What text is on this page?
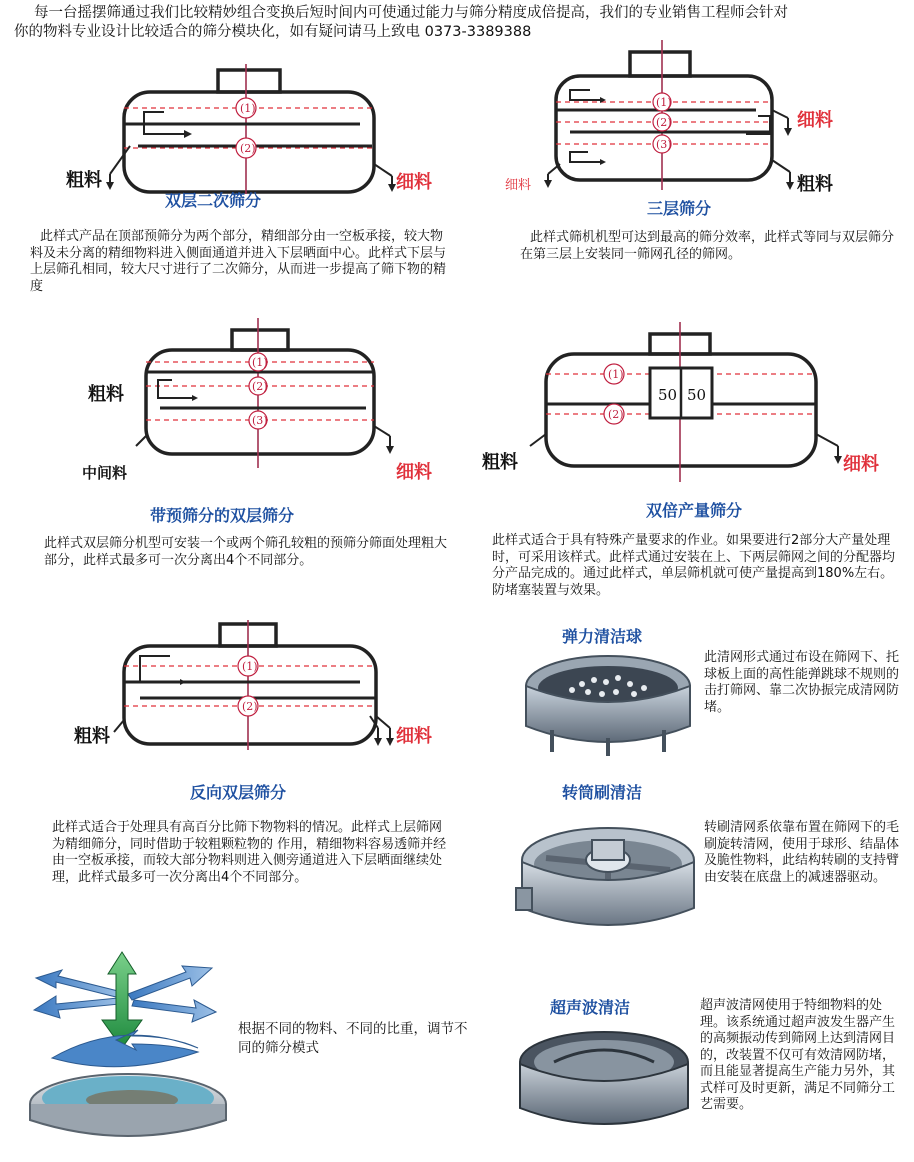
每一台摇摆筛通过我们比较精妙组合变换后短时间内可使通过能力与筛分精度成倍提高，我们的专业销售工程师会针对
你的物料专业设计比较适合的筛分模块化，如有疑问请马上致电 0373-3389388
(1)
(2)
粗料	细料
双层二次筛分
此样式产品在顶部预筛分为两个部分，精细部分由一空板承接，较大物料及未分离的精细物料进入侧面通道并进入下层晒面中心。此样式下层与上层筛孔相同，较大尺寸进行了二次筛分，从而进一步提高了筛下物的精度
(1)
(2)
(3)
细料
粗料
细料
三层筛分
此样式筛机机型可达到最高的筛分效率，此样式等同与双层筛分在第三层上安装同一筛网孔径的筛网。
(1)
(2)
(3)
粗料
中间料	细料
带预筛分的双层筛分
此样式双层筛分机型可安装一个或两个筛孔较粗的预筛分筛面处理粗大部分，此样式最多可一次分离出4个不同部分。
50 50
(1)
(2)
粗料	细料
双倍产量筛分
此样式适合于具有特殊产量要求的作业。如果要进行2部分大产量处理时，可采用该样式。此样式通过安装在上、下两层筛网之间的分配器均分产品完成的。通过此样式，单层筛机就可使产量提高到180%左右。防堵塞装置与效果。
(1)
(2)
粗料	细料
反向双层筛分
此样式适合于处理具有高百分比筛下物物料的情况。此样式上层筛网为精细筛分，同时借助于较粗颗粒物的 作用，精细物料容易透筛并经由一空板承接，而较大部分物料则进入侧旁通道进入下层晒面继续处理，此样式最多可一次分离出4个不同部分。
弹力清洁球
此清网形式通过布设在筛网下、托球板上面的高性能弹跳球不规则的击打筛网、靠二次协振完成清网防堵。
转筒刷清洁
转刷清网系依靠布置在筛网下的毛刷旋转清网，使用于球形、结晶体及脆性物料，此结构转刷的支持臂由安装在底盘上的减速器驱动。
超声波清洁	超声波清网使用于特细物料的处理。该系统通过超声波发生器产生的高频振动传到筛网上达到清网目的，改装置不仅可有效清网防堵，而且能显著提高生产能力另外，其式样可及时更新，满足不同筛分工艺需要。
根据不同的物料、不同的比重，调节不同的筛分模式
